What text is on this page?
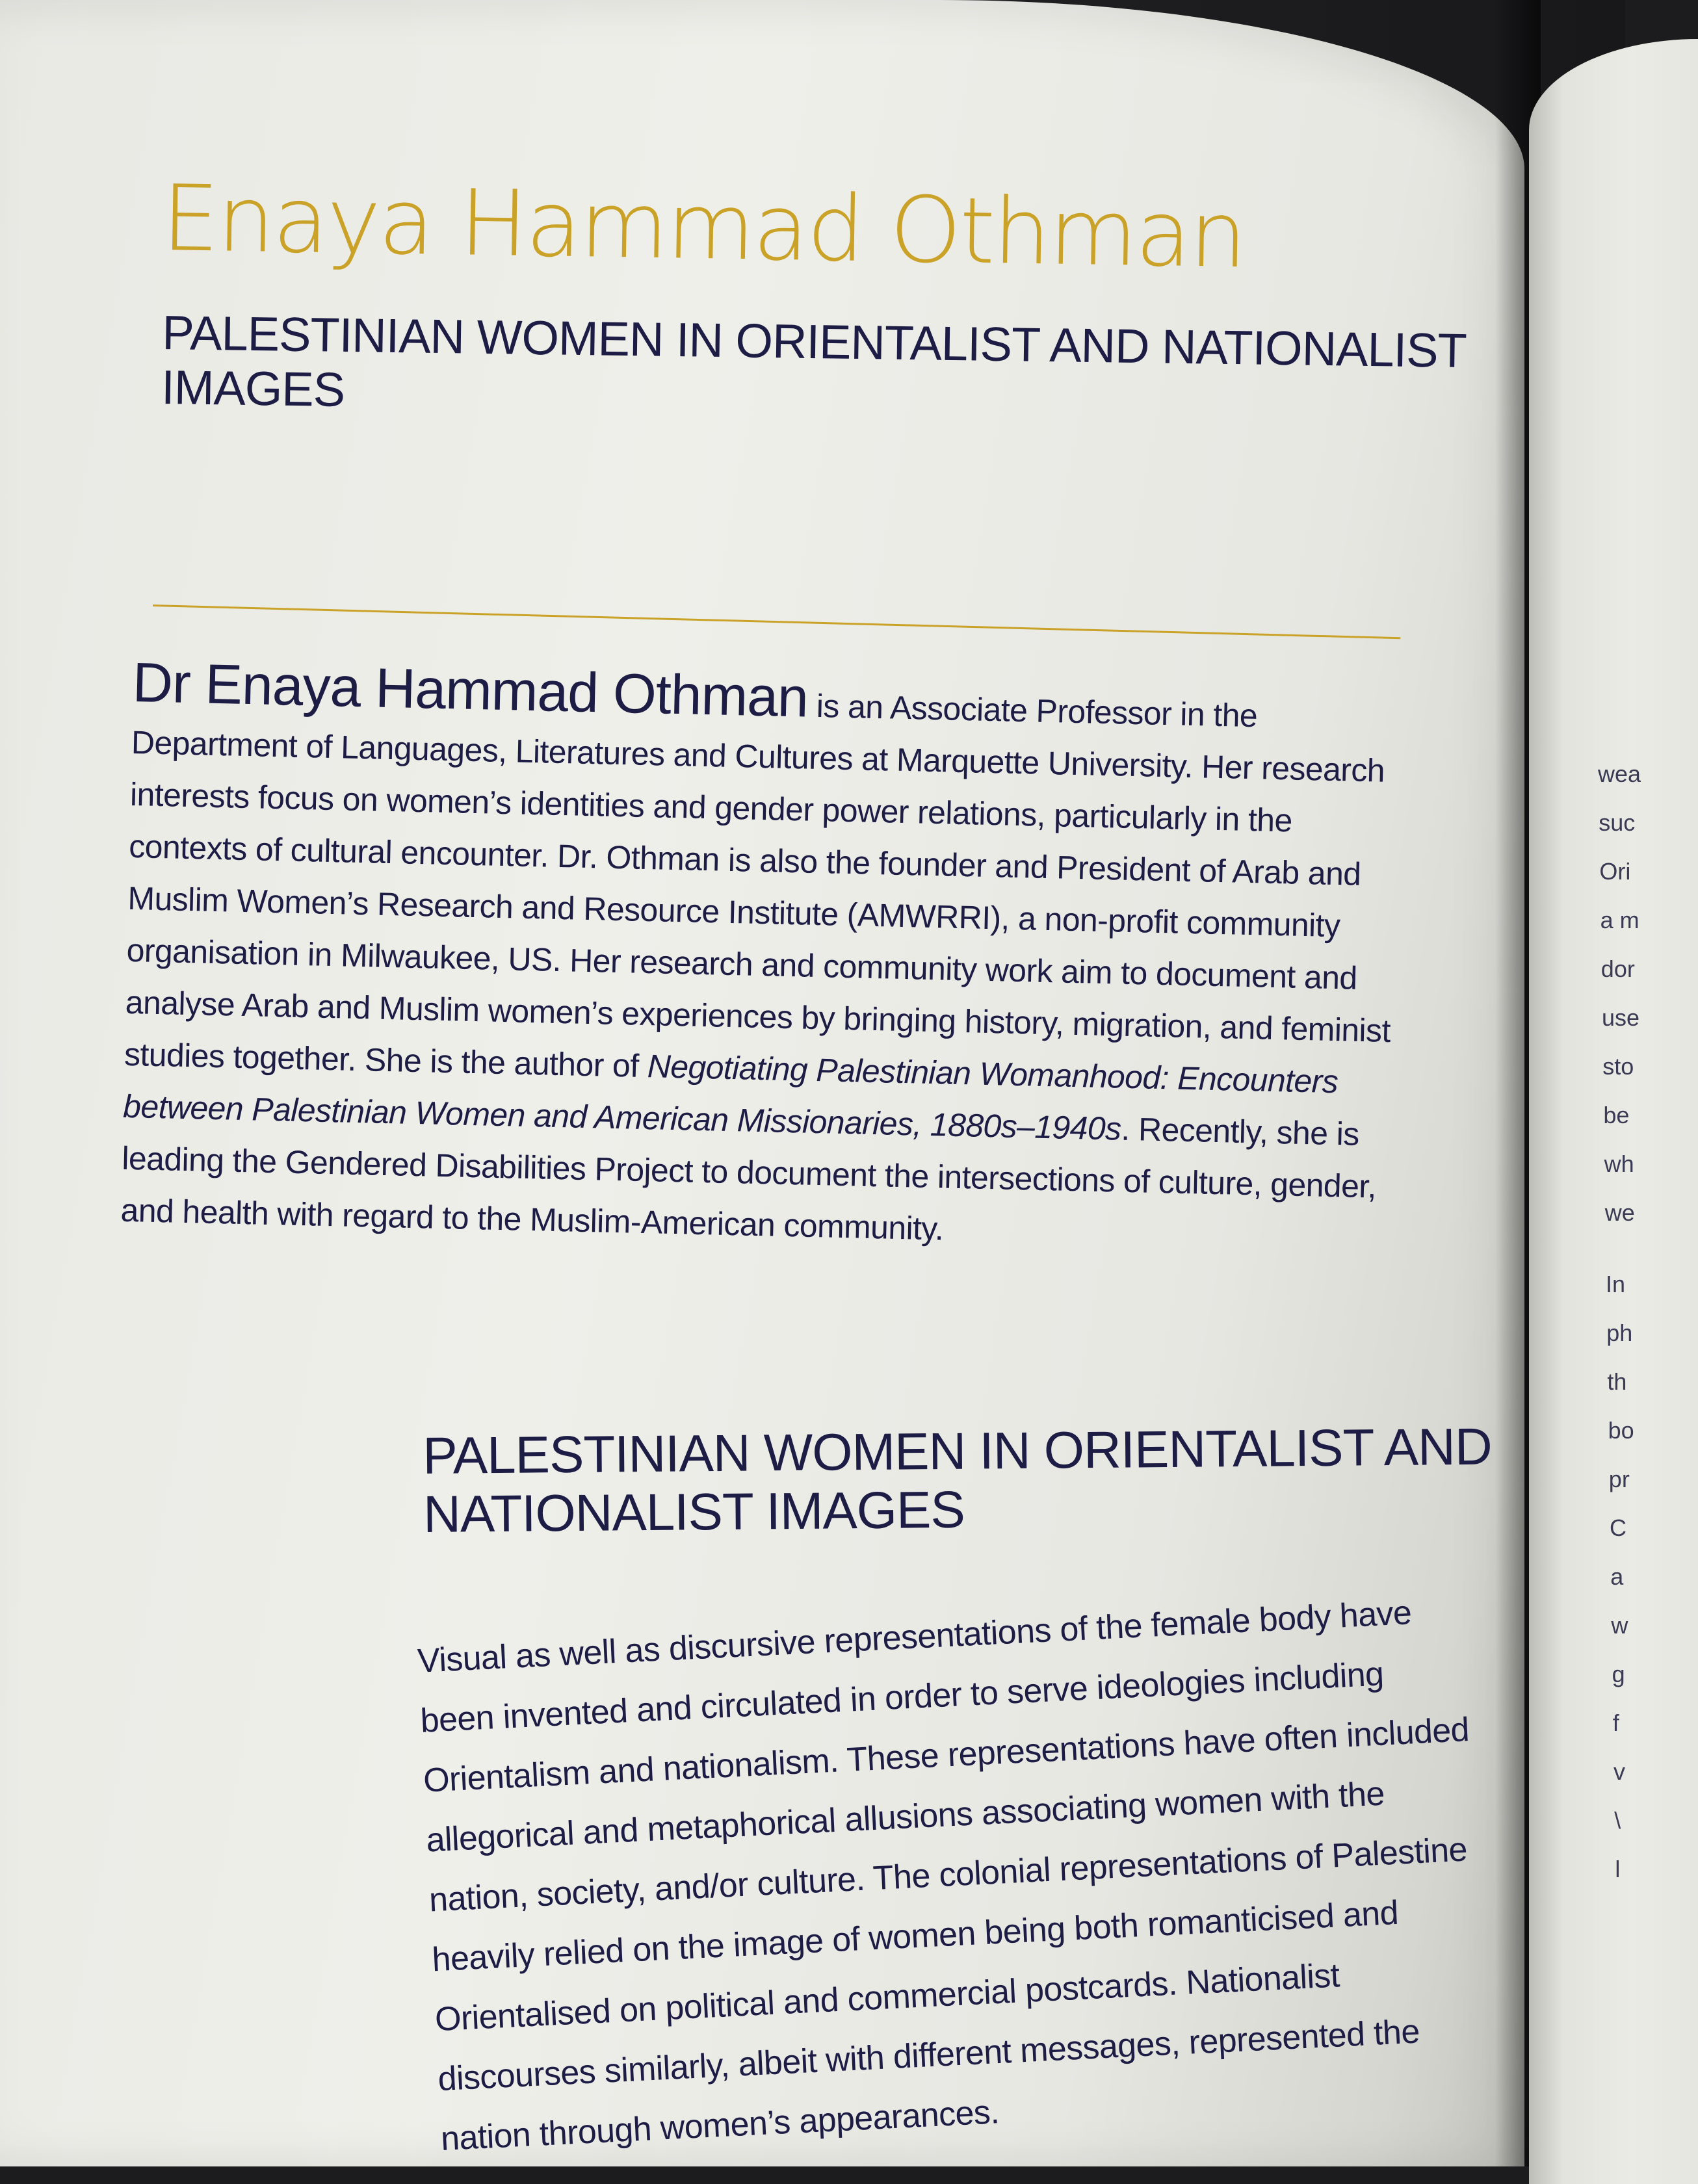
Enaya Hammad Othman
PALESTINIAN WOMEN IN ORIENTALIST AND NATIONALIST IMAGES

Dr Enaya Hammad Othman is an Associate Professor in the Department of Languages, Literatures and Cultures at Marquette University. Her research interests focus on women’s identities and gender power relations, particularly in the contexts of cultural encounter. Dr. Othman is also the founder and President of Arab and Muslim Women’s Research and Resource Institute (AMWRRI), a non-profit community organisation in Milwaukee, US. Her research and community work aim to document and analyse Arab and Muslim women’s experiences by bringing history, migration, and feminist studies together. She is the author of Negotiating Palestinian Womanhood: Encounters between Palestinian Women and American Missionaries, 1880s–1940s. Recently, she is leading the Gendered Disabilities Project to document the intersections of culture, gender, and health with regard to the Muslim-American community.

PALESTINIAN WOMEN IN ORIENTALIST AND NATIONALIST IMAGES

Visual as well as discursive representations of the female body have been invented and circulated in order to serve ideologies including Orientalism and nationalism. These representations have often included allegorical and metaphorical allusions associating women with the nation, society, and/or culture. The colonial representations of Palestine heavily relied on the image of women being both romanticised and Orientalised on political and commercial postcards. Nationalist discourses similarly, albeit with different messages, represented the nation through women’s appearances.

wea
suc
Ori
a m
dor
use
sto
be
wh
we
In
ph
th
bo
pr
C
a
w
g
f
v
\
l
